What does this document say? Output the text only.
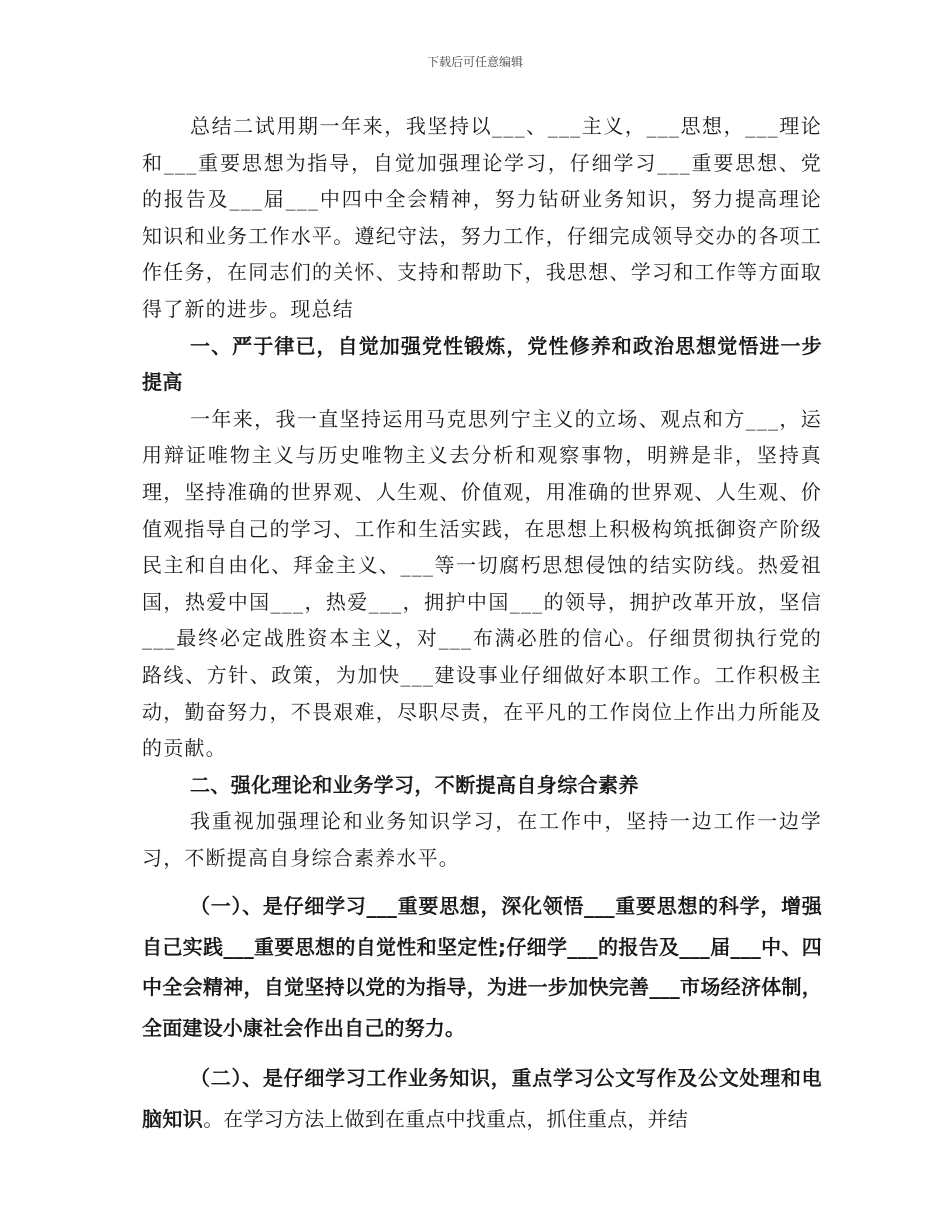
下载后可任意编辑

总结二试用期一年来，我坚持以___、___主义，___思想，___理论和___重要思想为指导，自觉加强理论学习，仔细学习___重要思想、党的报告及___届___中四中全会精神，努力钻研业务知识，努力提高理论知识和业务工作水平。遵纪守法，努力工作，仔细完成领导交办的各项工作任务，在同志们的关怀、支持和帮助下，我思想、学习和工作等方面取得了新的进步。现总结

一、严于律已，自觉加强党性锻炼，党性修养和政治思想觉悟进一步提高

一年来，我一直坚持运用马克思列宁主义的立场、观点和方___，运用辩证唯物主义与历史唯物主义去分析和观察事物，明辨是非，坚持真理，坚持准确的世界观、人生观、价值观，用准确的世界观、人生观、价值观指导自己的学习、工作和生活实践，在思想上积极构筑抵御资产阶级民主和自由化、拜金主义、___等一切腐朽思想侵蚀的结实防线。热爱祖国，热爱中国___，热爱___，拥护中国___的领导，拥护改革开放，坚信___最终必定战胜资本主义，对___布满必胜的信心。仔细贯彻执行党的路线、方针、政策，为加快___建设事业仔细做好本职工作。工作积极主动，勤奋努力，不畏艰难，尽职尽责，在平凡的工作岗位上作出力所能及的贡献。

二、强化理论和业务学习，不断提高自身综合素养

我重视加强理论和业务知识学习，在工作中，坚持一边工作一边学习，不断提高自身综合素养水平。

（一）、是仔细学习___重要思想，深化领悟___重要思想的科学，增强自己实践___重要思想的自觉性和坚定性;仔细学___的报告及___届___中、四中全会精神，自觉坚持以党的为指导，为进一步加快完善___市场经济体制，全面建设小康社会作出自己的努力。

（二）、是仔细学习工作业务知识，重点学习公文写作及公文处理和电脑知识。在学习方法上做到在重点中找重点，抓住重点，并结
